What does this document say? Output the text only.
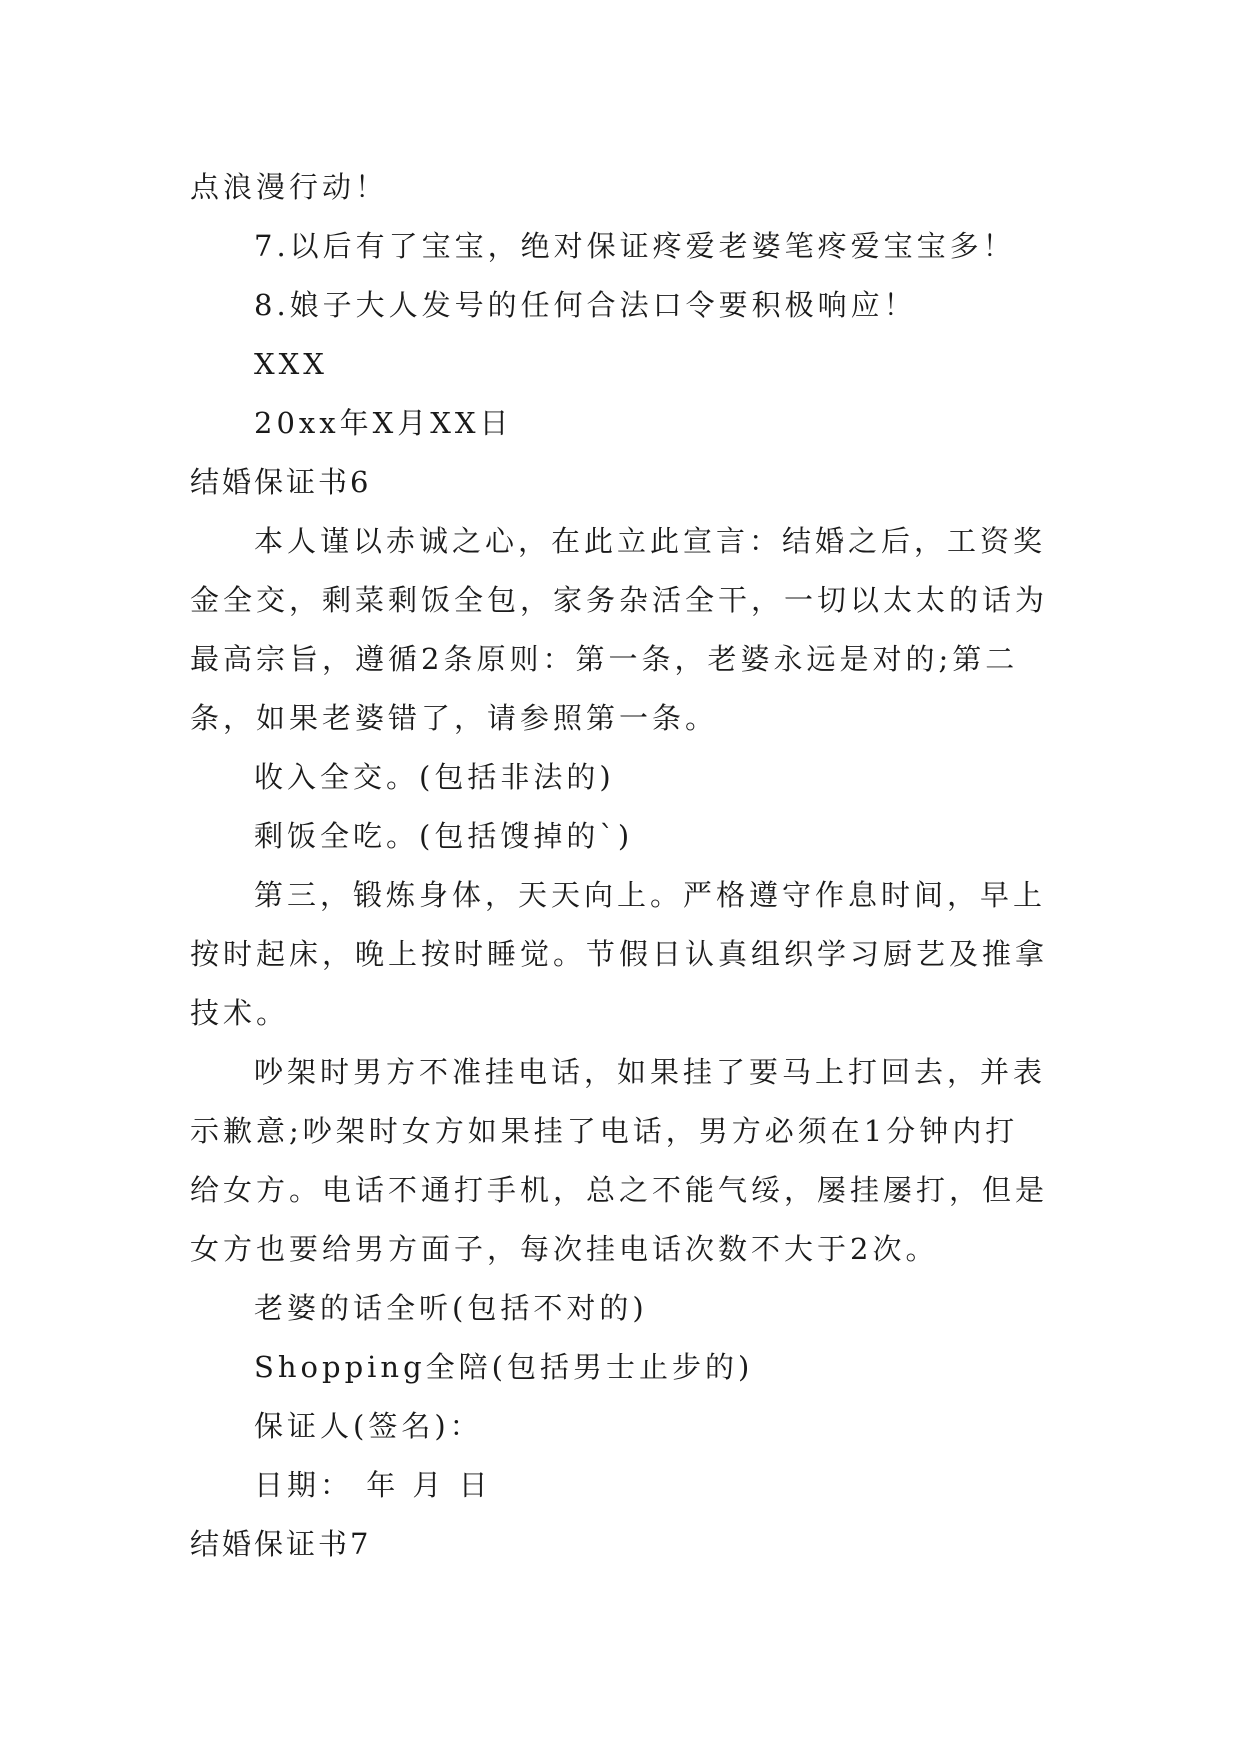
点浪漫行动！
7.以后有了宝宝，绝对保证疼爱老婆笔疼爱宝宝多！
8.娘子大人发号的任何合法口令要积极响应！
XXX
20xx年X月XX日
结婚保证书6
本人谨以赤诚之心，在此立此宣言：结婚之后，工资奖
金全交，剩菜剩饭全包，家务杂活全干，一切以太太的话为
最高宗旨，遵循2条原则：第一条，老婆永远是对的;第二
条，如果老婆错了，请参照第一条。
收入全交。(包括非法的)
剩饭全吃。(包括馊掉的`)
第三，锻炼身体，天天向上。严格遵守作息时间，早上
按时起床，晚上按时睡觉。节假日认真组织学习厨艺及推拿
技术。
吵架时男方不准挂电话，如果挂了要马上打回去，并表
示歉意;吵架时女方如果挂了电话，男方必须在1分钟内打
给女方。电话不通打手机，总之不能气绥，屡挂屡打，但是
女方也要给男方面子，每次挂电话次数不大于2次。
老婆的话全听(包括不对的)
Shopping全陪(包括男士止步的)
保证人(签名)：
日期： 年 月 日
结婚保证书7
